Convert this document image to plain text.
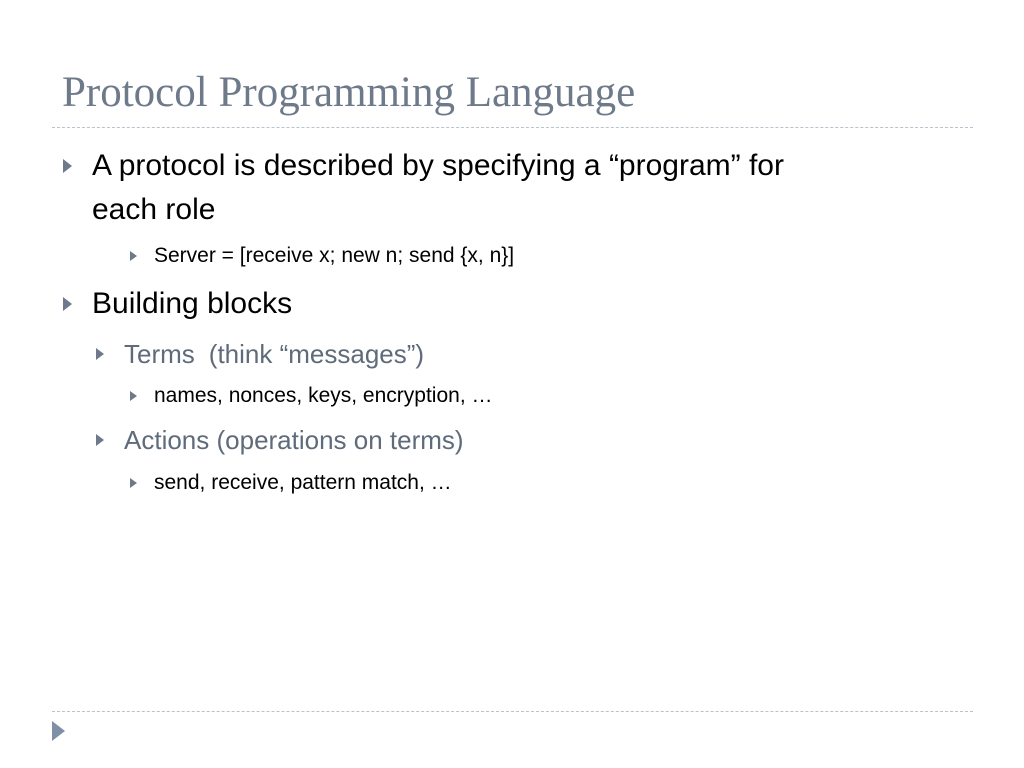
Protocol Programming Language
A protocol is described by specifying a “program” for
each role
Server = [receive x; new n; send {x, n}]
Building blocks
Terms (think “messages”)
names, nonces, keys, encryption, …
Actions (operations on terms)
send, receive, pattern match, …
